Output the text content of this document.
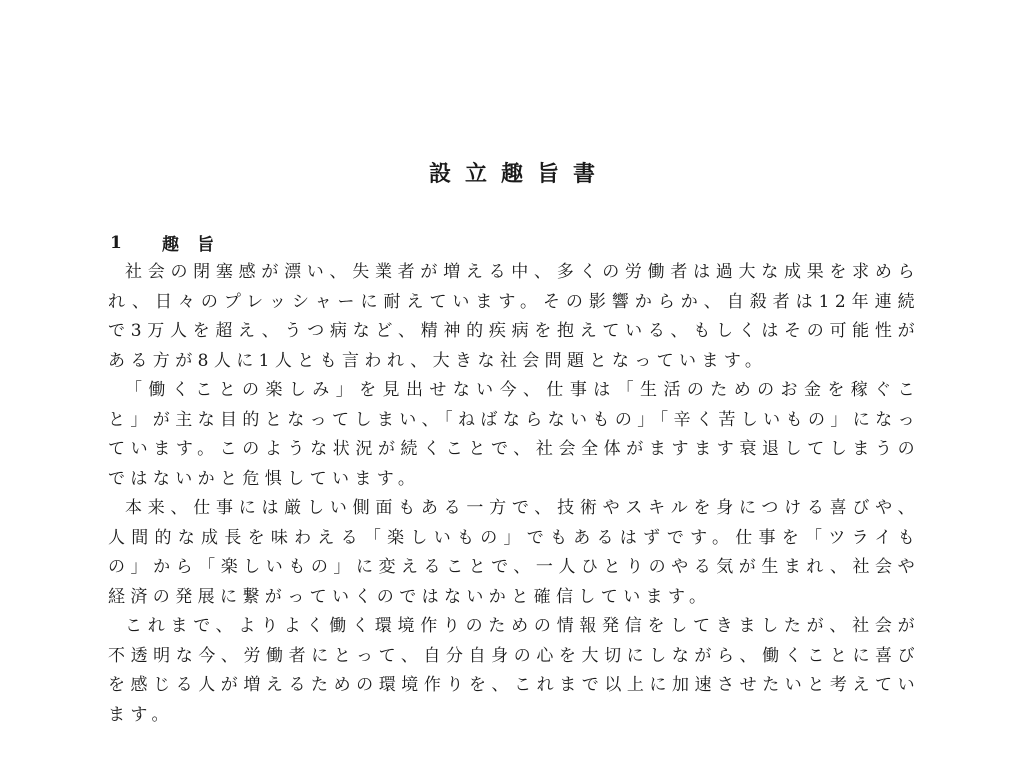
設立趣旨書
1	趣旨

社会の閉塞感が漂い、失業者が増える中、多くの労働者は過大な成果を求められ、日々のプレッシャーに耐えています。その影響からか、自殺者は12年連続で3万人を超え、うつ病など、精神的疾病を抱えている、もしくはその可能性がある方が8人に1人とも言われ、大きな社会問題となっています。

「働くことの楽しみ」を見出せない今、仕事は「生活のためのお金を稼ぐこと」が主な目的となってしまい、「ねばならないもの」「辛く苦しいもの」になっています。このような状況が続くことで、社会全体がますます衰退してしまうのではないかと危惧しています。

本来、仕事には厳しい側面もある一方で、技術やスキルを身につける喜びや、人間的な成長を味わえる「楽しいもの」でもあるはずです。仕事を「ツライもの」から「楽しいもの」に変えることで、一人ひとりのやる気が生まれ、社会や経済の発展に繋がっていくのではないかと確信しています。

これまで、よりよく働く環境作りのための情報発信をしてきましたが、社会が不透明な今、労働者にとって、自分自身の心を大切にしながら、働くことに喜びを感じる人が増えるための環境作りを、これまで以上に加速させたいと考えています。
